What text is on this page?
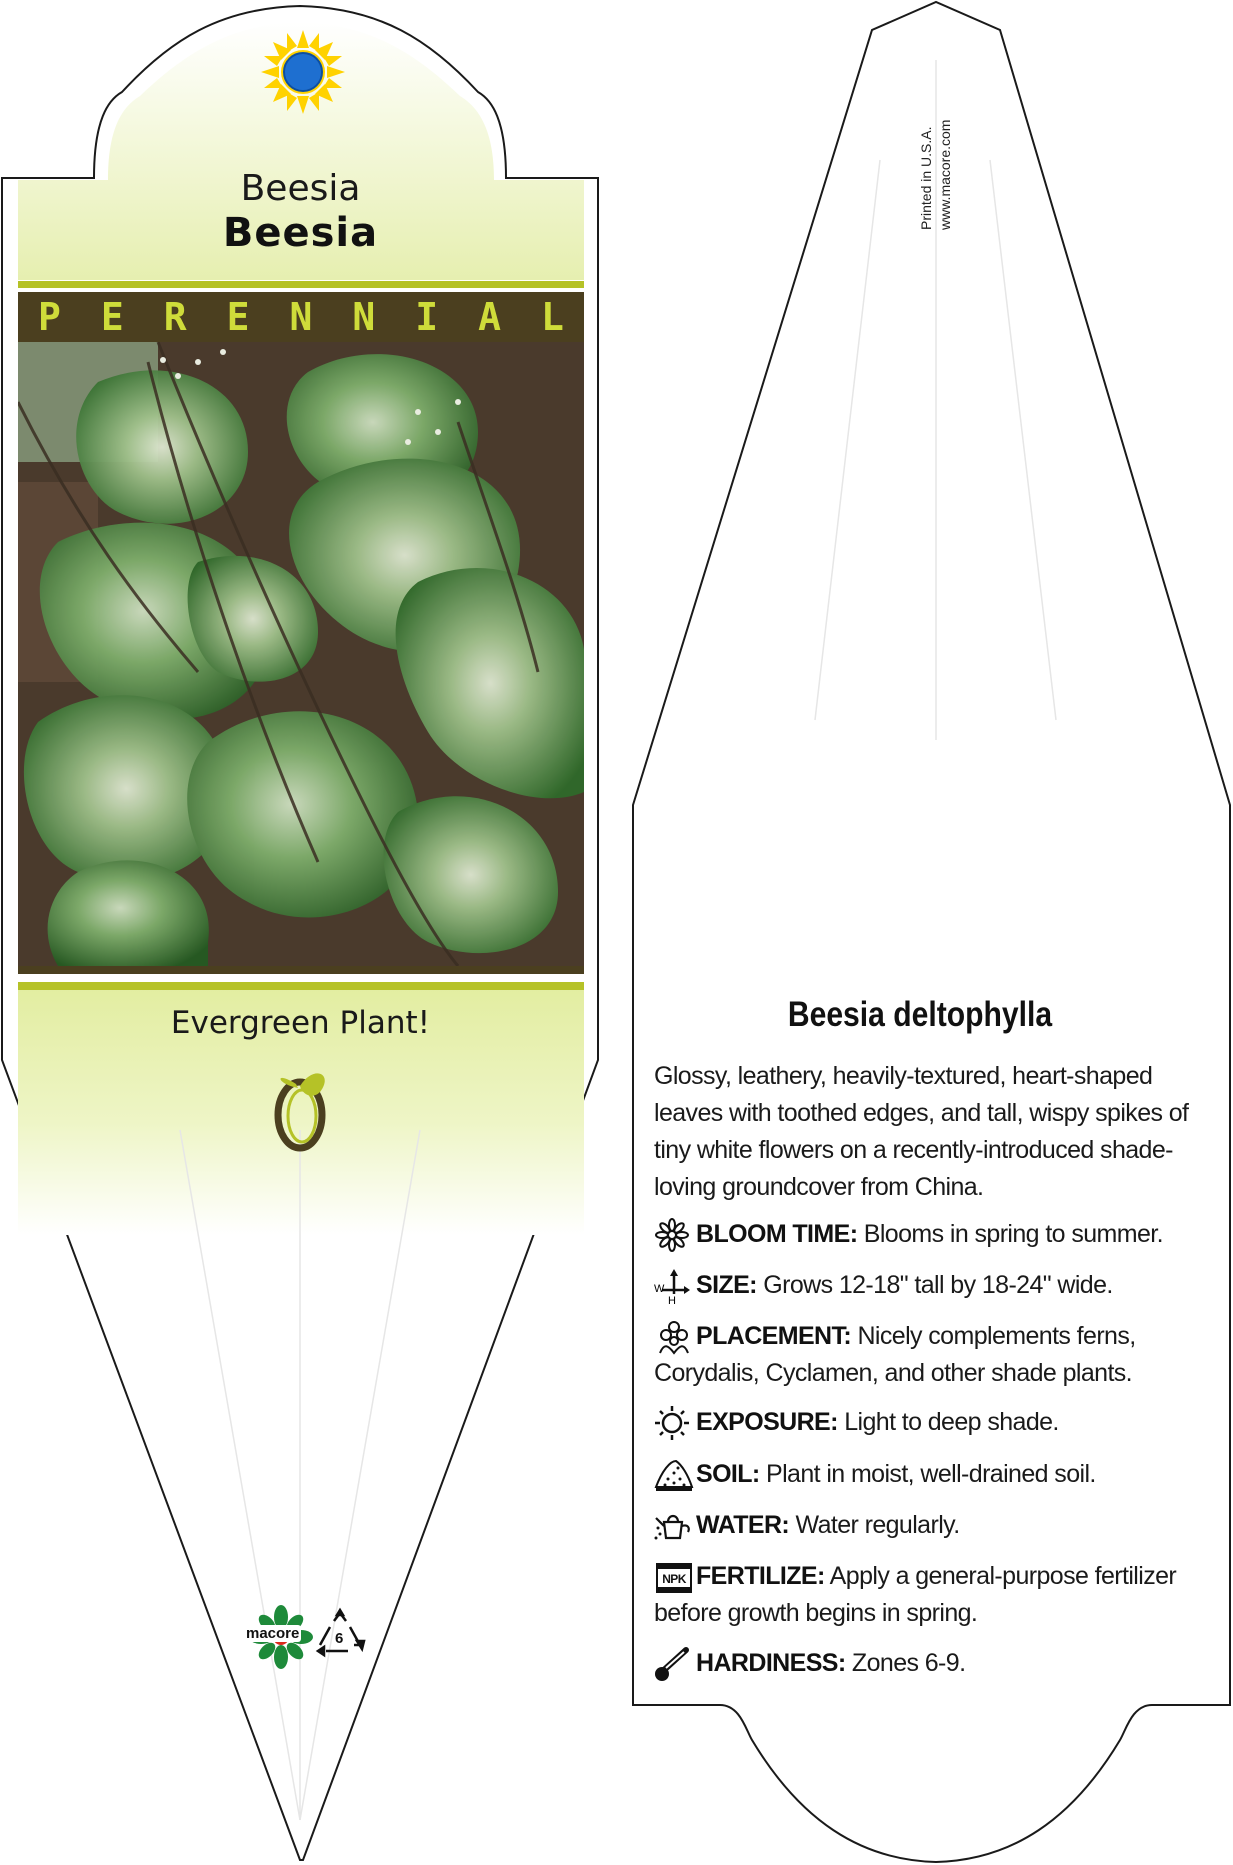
Beesia
Beesia
P E R E N N I A L
Evergreen Plant!
macore 6
Printed in U.S.A. www.macore.com
Beesia deltophylla
Glossy, leathery, heavily-textured, heart-shaped leaves with toothed edges, and tall, wispy spikes of tiny white flowers on a recently-introduced shade-loving groundcover from China.
BLOOM TIME: Blooms in spring to summer.
W
H
SIZE: Grows 12-18" tall by 18-24" wide.
PLACEMENT: Nicely complements ferns, Corydalis, Cyclamen, and other shade plants.
EXPOSURE: Light to deep shade.
SOIL: Plant in moist, well-drained soil.
WATER: Water regularly.
NPK FERTILIZE: Apply a general-purpose fertilizer before growth begins in spring.
HARDINESS: Zones 6-9.
